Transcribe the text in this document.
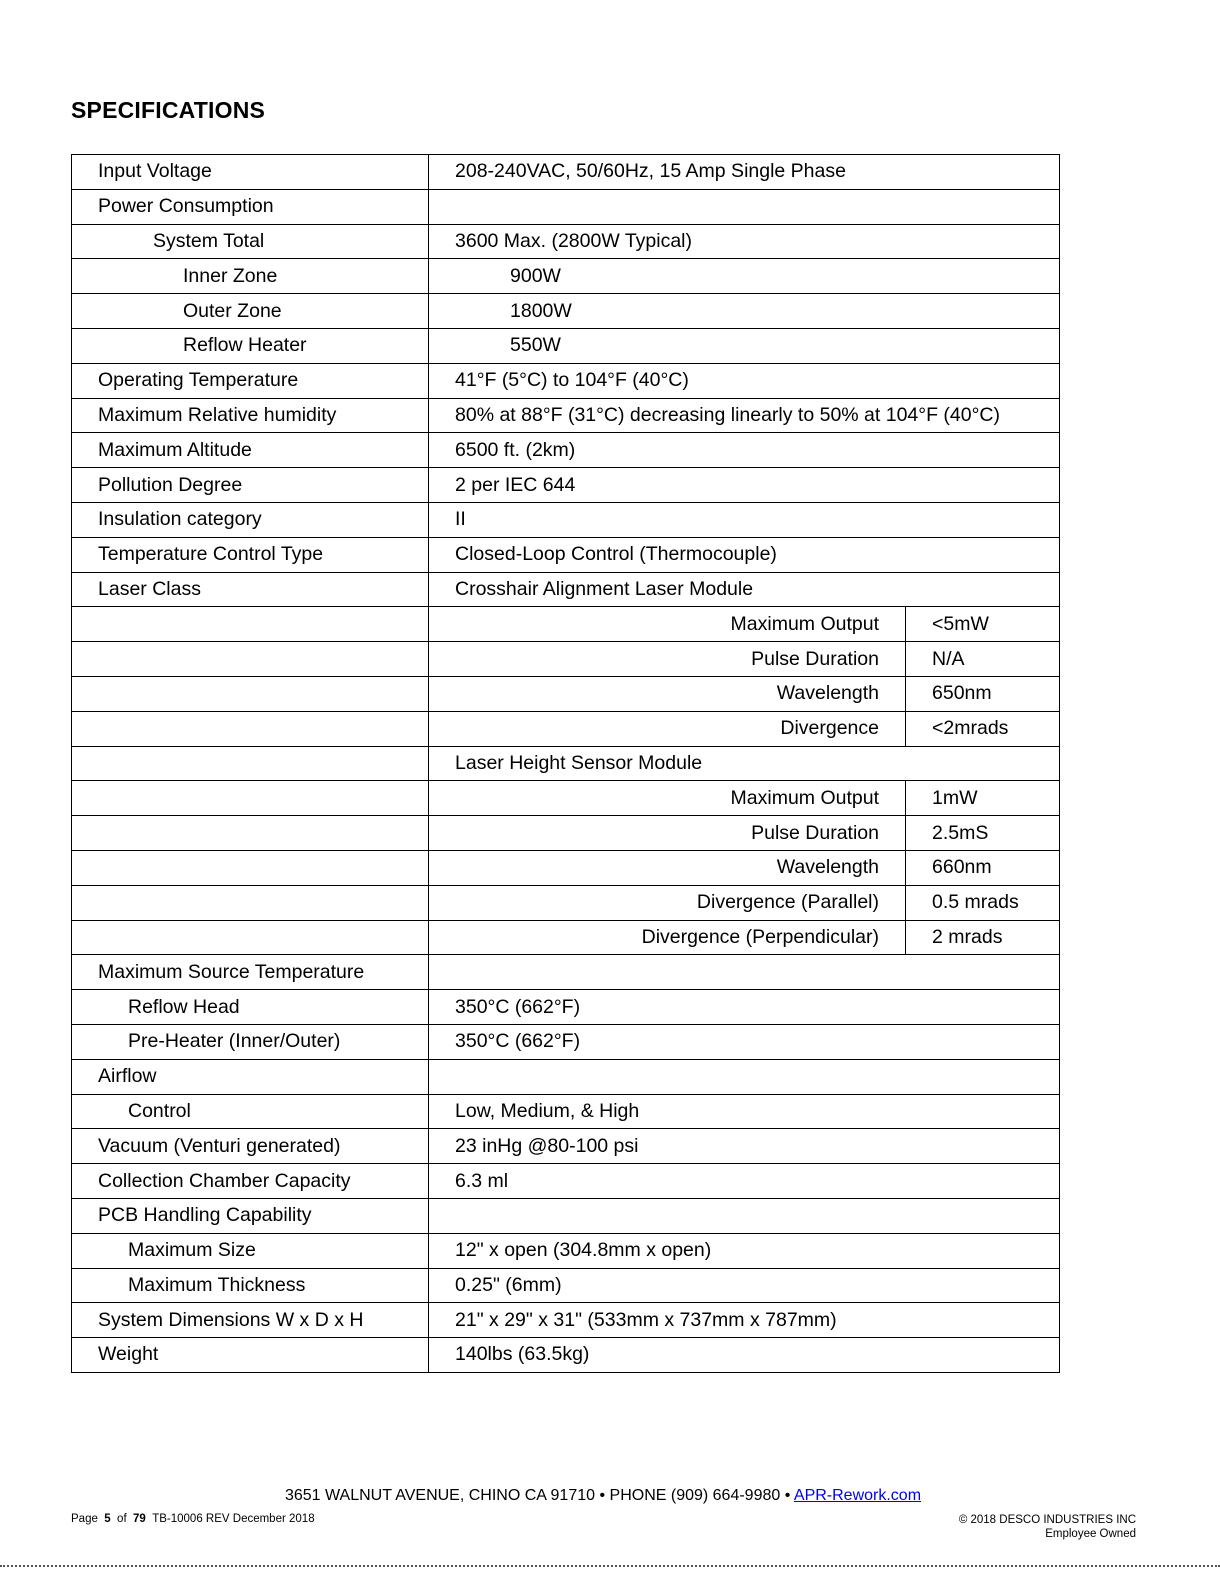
SPECIFICATIONS
Input Voltage	208-240VAC, 50/60Hz, 15 Amp Single Phase	
Power Consumption		
System Total	3600 Max. (2800W Typical)	
Inner Zone	900W	
Outer Zone	1800W	
Reflow Heater	550W	
Operating Temperature	41°F (5°C) to 104°F (40°C)	
Maximum Relative humidity	80% at 88°F (31°C) decreasing linearly to 50% at 104°F (40°C)	
Maximum Altitude	6500 ft. (2km)	
Pollution Degree	2 per IEC 644	
Insulation category	II	
Temperature Control Type	Closed-Loop Control (Thermocouple)	
Laser Class	Crosshair Alignment Laser Module	
	Maximum Output	<5mW
	Pulse Duration	N/A
	Wavelength	650nm
	Divergence	<2mrads
	Laser Height Sensor Module	
	Maximum Output	1mW
	Pulse Duration	2.5mS
	Wavelength	660nm
	Divergence (Parallel)	0.5 mrads
	Divergence (Perpendicular)	2 mrads
Maximum Source Temperature		
Reflow Head	350°C (662°F)	
Pre-Heater (Inner/Outer)	350°C (662°F)	
Airflow		
Control	Low, Medium, & High	
Vacuum (Venturi generated)	23 inHg @80-100 psi	
Collection Chamber Capacity	6.3 ml	
PCB Handling Capability		
Maximum Size	12" x open (304.8mm x open)	
Maximum Thickness	0.25" (6mm)	
System Dimensions W x D x H	21" x 29" x 31" (533mm x 737mm x 787mm)	
Weight	140lbs (63.5kg)	
3651 WALNUT AVENUE, CHINO CA 91710 • PHONE (909) 664-9980 • APR-Rework.com
Page 5 of 79 TB-10006 REV December 2018	© 2018 DESCO INDUSTRIES INC
Employee Owned
